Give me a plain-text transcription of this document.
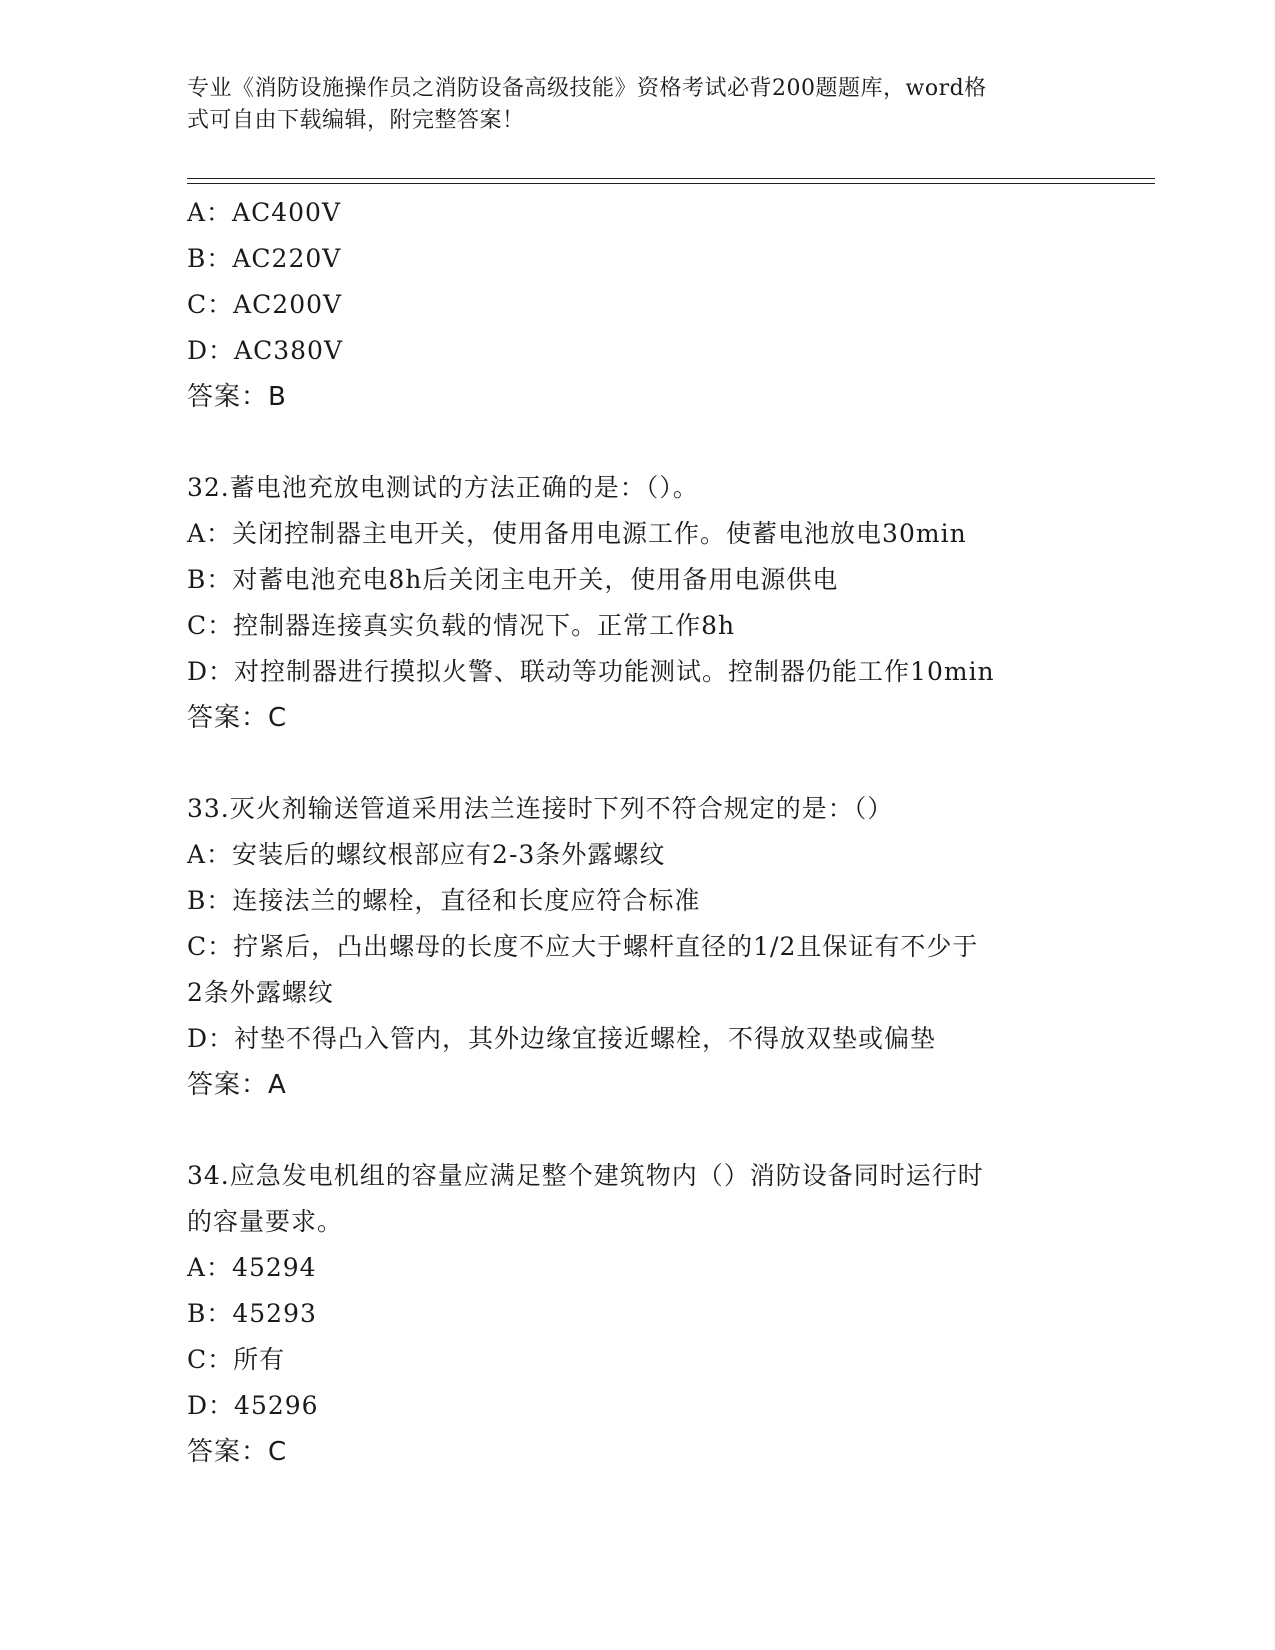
专业《消防设施操作员之消防设备高级技能》资格考试必背200题题库，word格
式可自由下载编辑，附完整答案！

A：AC400V

B：AC220V

C：AC200V

D：AC380V

答案：B

32.蓄电池充放电测试的方法正确的是：（）。

A：关闭控制器主电开关，使用备用电源工作。使蓄电池放电30min

B：对蓄电池充电8h后关闭主电开关，使用备用电源供电

C：控制器连接真实负载的情况下。正常工作8h

D：对控制器进行摸拟火警、联动等功能测试。控制器仍能工作10min

答案：C

33.灭火剂输送管道采用法兰连接时下列不符合规定的是：（）

A：安装后的螺纹根部应有2-3条外露螺纹

B：连接法兰的螺栓，直径和长度应符合标准

C：拧紧后，凸出螺母的长度不应大于螺杆直径的1/2且保证有不少于

2条外露螺纹

D：衬垫不得凸入管内，其外边缘宜接近螺栓，不得放双垫或偏垫

答案：A

34.应急发电机组的容量应满足整个建筑物内（）消防设备同时运行时

的容量要求。

A：45294

B：45293

C：所有

D：45296

答案：C
